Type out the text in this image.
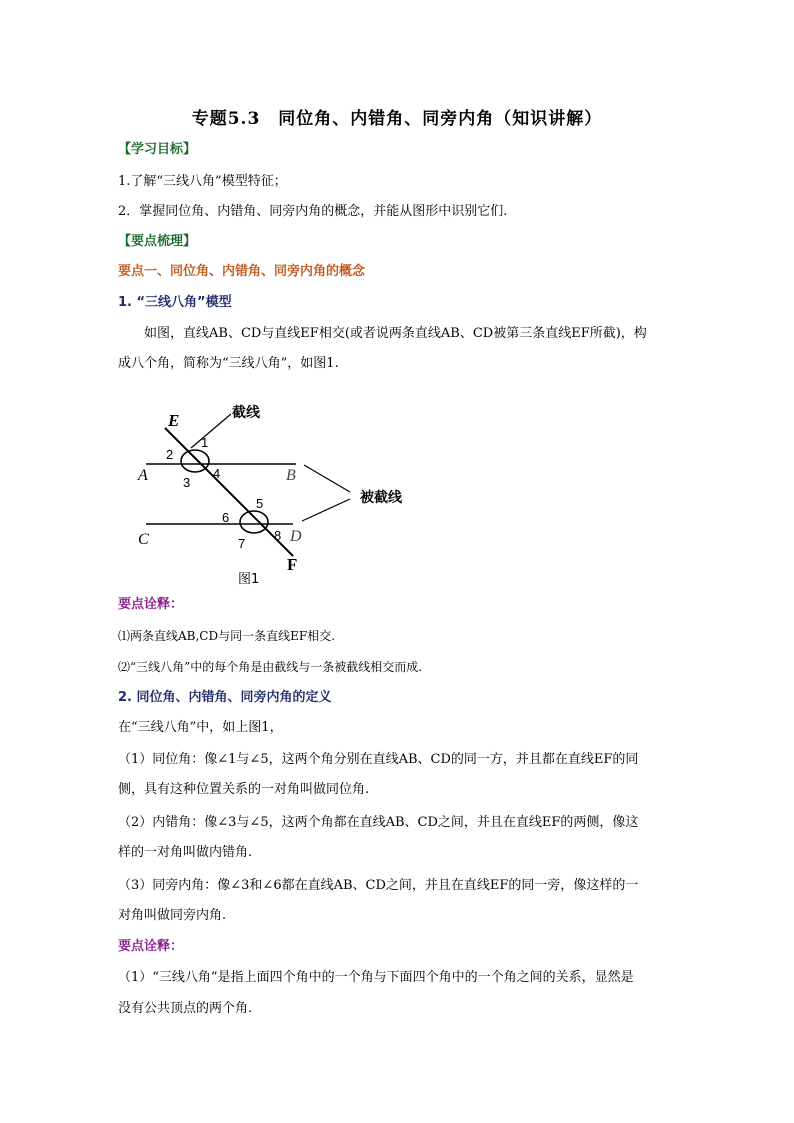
专题5.3　同位角、内错角、同旁内角（知识讲解）
【学习目标】
1.了解“三线八角”模型特征；
2．掌握同位角、内错角、同旁内角的概念，并能从图形中识别它们.
【要点梳理】
要点一、同位角、内错角、同旁内角的概念
1. “三线八角”模型
如图，直线AB、CD与直线EF相交(或者说两条直线AB、CD被第三条直线EF所截)，构
成八个角，简称为“三线八角”，如图1.
截线
被截线
E
F
A	B
C	D
1
2
3
4
5
6
7
8
图1
要点诠释：
⑴两条直线AB,CD与同一条直线EF相交.
⑵“三线八角”中的每个角是由截线与一条被截线相交而成.
2. 同位角、内错角、同旁内角的定义
在“三线八角”中，如上图1，
（1）同位角：像∠1与∠5，这两个角分别在直线AB、CD的同一方，并且都在直线EF的同
侧，具有这种位置关系的一对角叫做同位角.
（2）内错角：像∠3与∠5，这两个角都在直线AB、CD之间，并且在直线EF的两侧，像这
样的一对角叫做内错角.
（3）同旁内角：像∠3和∠6都在直线AB、CD之间，并且在直线EF的同一旁，像这样的一
对角叫做同旁内角.
要点诠释：
（1）“三线八角”是指上面四个角中的一个角与下面四个角中的一个角之间的关系，显然是
没有公共顶点的两个角.
